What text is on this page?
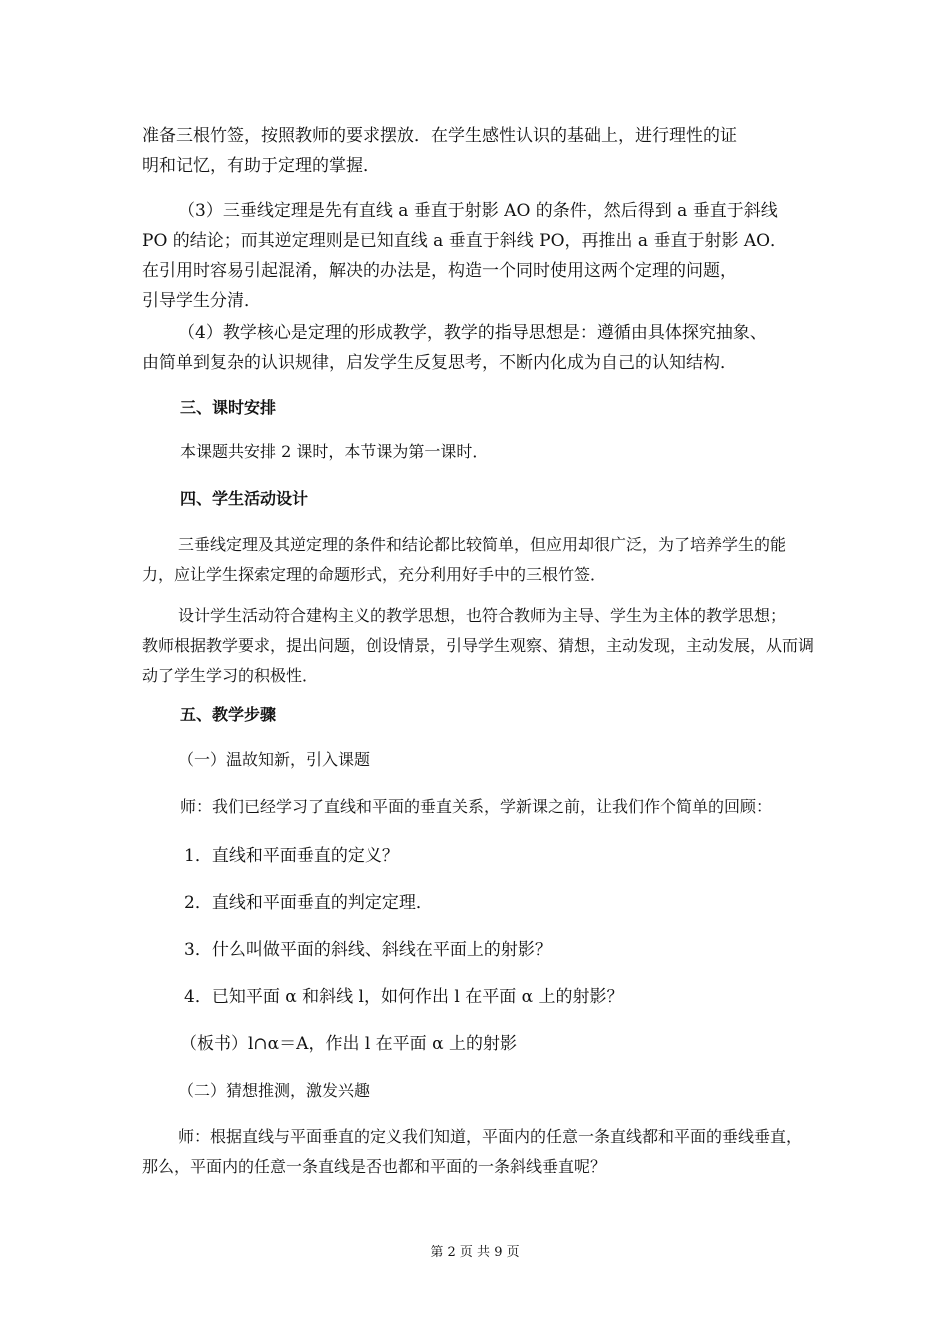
准备三根竹签，按照教师的要求摆放．在学生感性认识的基础上，进行理性的证
明和记忆，有助于定理的掌握．
（3）三垂线定理是先有直线 a 垂直于射影 AO 的条件，然后得到 a 垂直于斜线
PO 的结论；而其逆定理则是已知直线 a 垂直于斜线 PO，再推出 a 垂直于射影 AO．
在引用时容易引起混淆，解决的办法是，构造一个同时使用这两个定理的问题，
引导学生分清．
（4）教学核心是定理的形成教学，教学的指导思想是：遵循由具体探究抽象、
由简单到复杂的认识规律，启发学生反复思考，不断内化成为自己的认知结构．
三、课时安排
本课题共安排 2 课时，本节课为第一课时．
四、学生活动设计
三垂线定理及其逆定理的条件和结论都比较简单，但应用却很广泛，为了培养学生的能
力，应让学生探索定理的命题形式，充分利用好手中的三根竹签．
设计学生活动符合建构主义的教学思想，也符合教师为主导、学生为主体的教学思想；
教师根据教学要求，提出问题，创设情景，引导学生观察、猜想，主动发现，主动发展，从而调
动了学生学习的积极性．
五、教学步骤
（一）温故知新，引入课题
师：我们已经学习了直线和平面的垂直关系，学新课之前，让我们作个简单的回顾：
1．直线和平面垂直的定义？
2．直线和平面垂直的判定定理．
3．什么叫做平面的斜线、斜线在平面上的射影？
4．已知平面 α 和斜线 l，如何作出 l 在平面 α 上的射影？
（板书）l∩α＝A，作出 l 在平面 α 上的射影
（二）猜想推测，激发兴趣
师：根据直线与平面垂直的定义我们知道，平面内的任意一条直线都和平面的垂线垂直，
那么，平面内的任意一条直线是否也都和平面的一条斜线垂直呢？
第 2 页 共 9 页
